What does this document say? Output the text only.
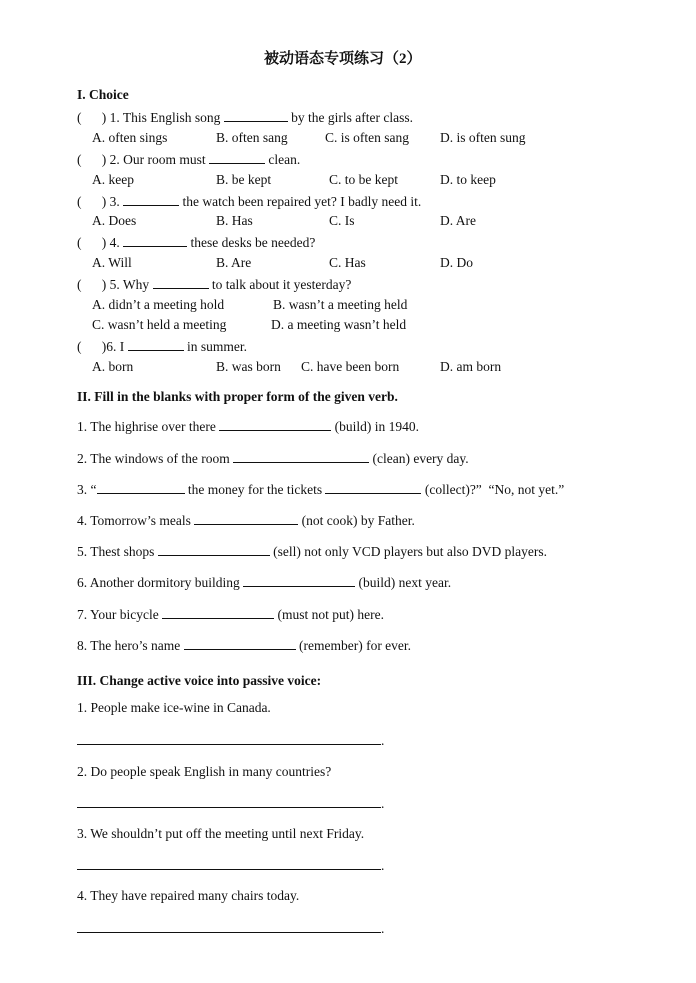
被动语态专项练习（2）
I. Choice
(      ) 1. This English song	by the girls after class.
A. often sings	B. often sang	C. is often sang D. is often sung
(      ) 2. Our room must	clean.
A. keep	B. be kept	C. to be kept	D. to keep
(      ) 3.	the watch been repaired yet? I badly need it.
A. Does	B. Has	C. Is	D. Are
(      ) 4.	these desks be needed?
A. Will	B. Are	C. Has	D. Do
(      ) 5. Why	to talk about it yesterday?
A. didn’t a meeting hold	B. wasn’t a meeting held
C. wasn’t held a meeting	D. a meeting wasn’t held
(      )6. I	in summer.
A. born	B. was born C. have been born	D. am born
II. Fill in the blanks with proper form of the given verb.
1. The highrise over there	(build) in 1940.
2. The windows of the room	(clean) every day.
3. “	the money for the tickets	(collect)?”  “No, not yet.”
4. Tomorrow’s meals	(not cook) by Father.
5. Thest shops	(sell) not only VCD players but also DVD players.
6. Another dormitory building	(build) next year.
7. Your bicycle	(must not put) here.
8. The hero’s name	(remember) for ever.
III. Change active voice into passive voice:
1. People make ice-wine in Canada.
.
2. Do people speak English in many countries?
.
3. We shouldn’t put off the meeting until next Friday.
.
4. They have repaired many chairs today.
.
